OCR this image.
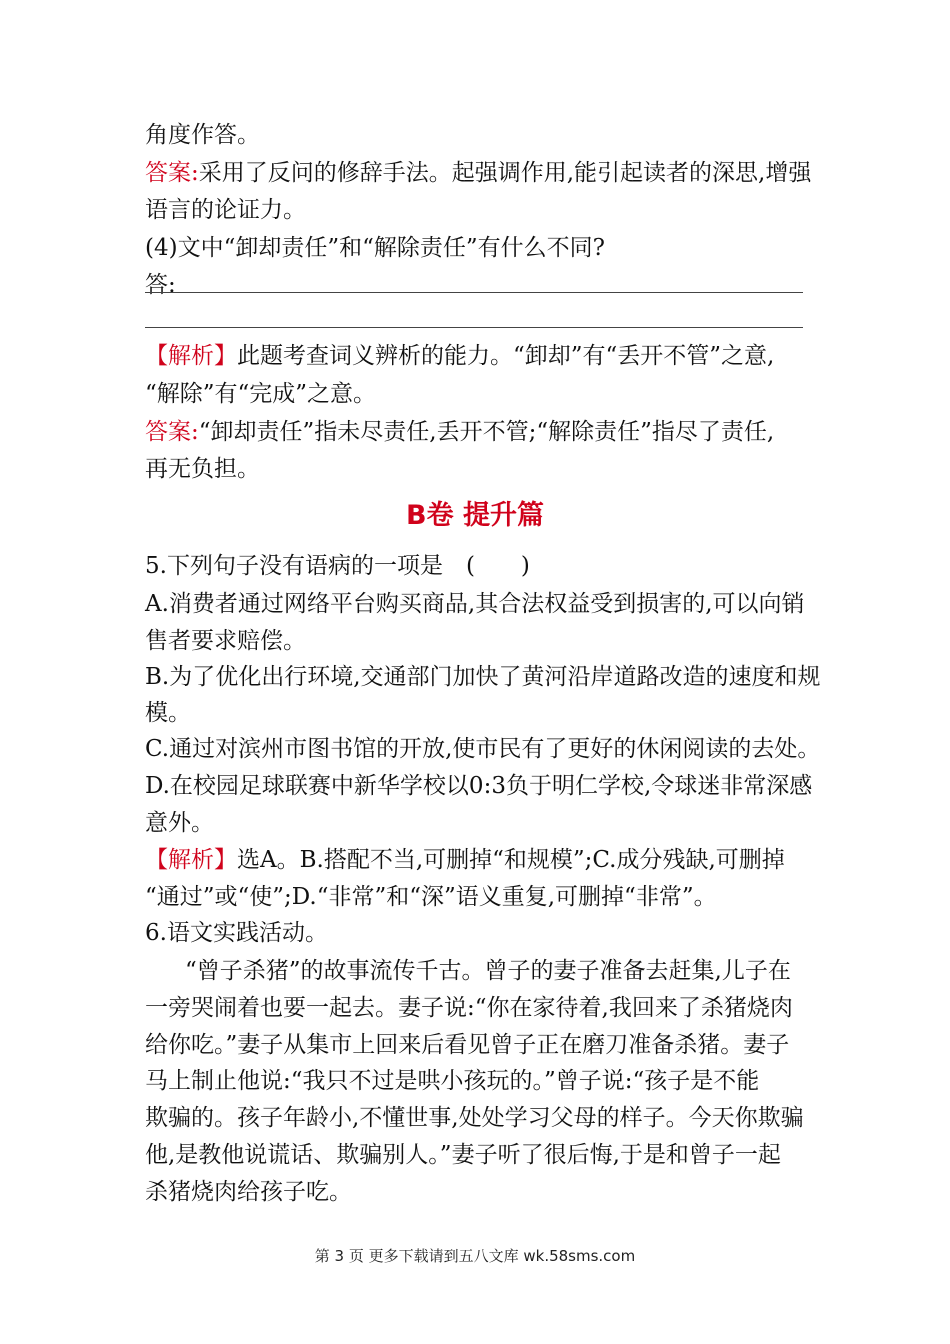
角度作答。
答案:采用了反问的修辞手法。起强调作用,能引起读者的深思,增强
语言的论证力。
(4)文中“卸却责任”和“解除责任”有什么不同?
答:
【解析】此题考查词义辨析的能力。“卸却”有“丢开不管”之意,
“解除”有“完成”之意。
答案:“卸却责任”指未尽责任,丢开不管;“解除责任”指尽了责任,
再无负担。
B卷 提升篇
5.下列句子没有语病的一项是　(　　)
A.消费者通过网络平台购买商品,其合法权益受到损害的,可以向销
售者要求赔偿。
B.为了优化出行环境,交通部门加快了黄河沿岸道路改造的速度和规
模。
C.通过对滨州市图书馆的开放,使市民有了更好的休闲阅读的去处。
D.在校园足球联赛中新华学校以0:3负于明仁学校,令球迷非常深感
意外。
【解析】选A。B.搭配不当,可删掉“和规模”;C.成分残缺,可删掉
“通过”或“使”;D.“非常”和“深”语义重复,可删掉“非常”。
6.语文实践活动。
“曾子杀猪”的故事流传千古。曾子的妻子准备去赶集,儿子在
一旁哭闹着也要一起去。妻子说:“你在家待着,我回来了杀猪烧肉
给你吃。”妻子从集市上回来后看见曾子正在磨刀准备杀猪。妻子
马上制止他说:“我只不过是哄小孩玩的。”曾子说:“孩子是不能
欺骗的。孩子年龄小,不懂世事,处处学习父母的样子。今天你欺骗
他,是教他说谎话、欺骗别人。”妻子听了很后悔,于是和曾子一起
杀猪烧肉给孩子吃。
第 3 页 更多下载请到五八文库 wk.58sms.com
